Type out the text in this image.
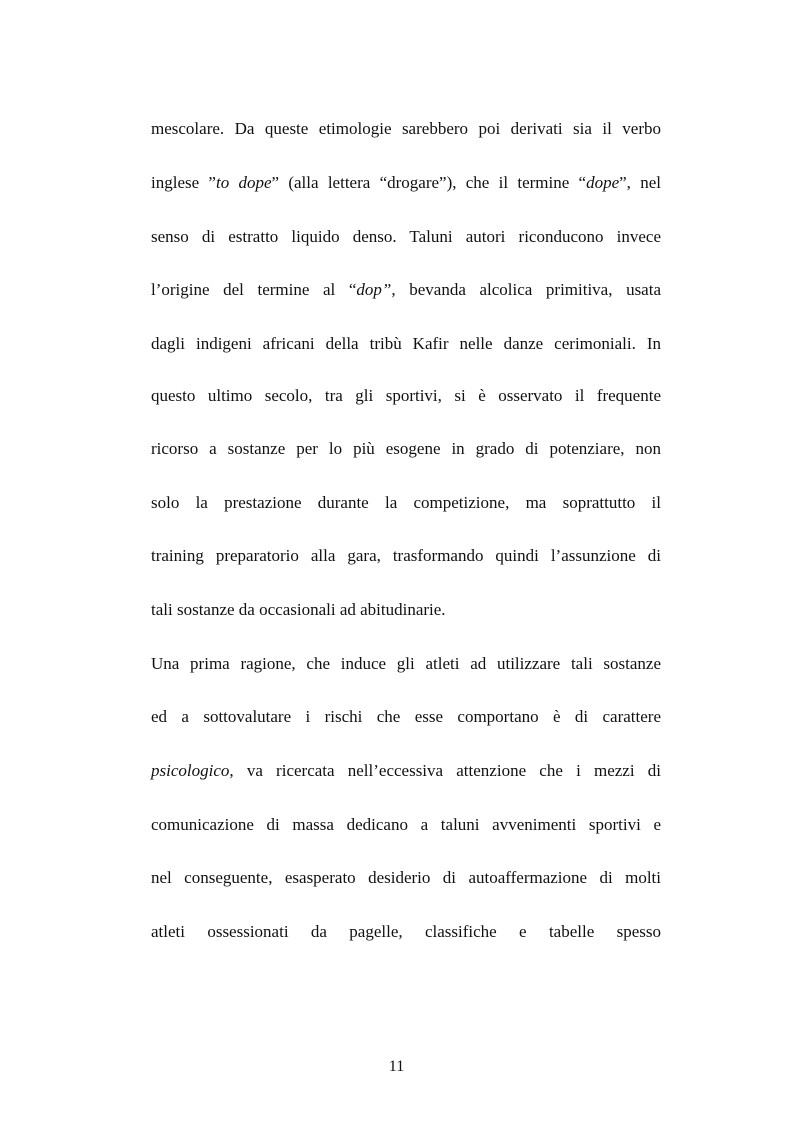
mescolare. Da queste etimologie sarebbero poi derivati sia il verbo
inglese ”to dope” (alla lettera “drogare”), che il termine “dope”, nel
senso di estratto liquido denso. Taluni autori riconducono invece
l’origine del termine al “dop”, bevanda alcolica primitiva, usata
dagli indigeni africani della tribù Kafir nelle danze cerimoniali. In
questo ultimo secolo, tra gli sportivi, si è osservato il frequente
ricorso a sostanze per lo più esogene in grado di potenziare, non
solo la prestazione durante la competizione, ma soprattutto il
training preparatorio alla gara, trasformando quindi l’assunzione di
tali sostanze da occasionali ad abitudinarie.
Una prima ragione, che induce gli atleti ad utilizzare tali sostanze
ed a sottovalutare i rischi che esse comportano è di carattere
psicologico, va ricercata nell’eccessiva attenzione che i mezzi di
comunicazione di massa dedicano a taluni avvenimenti sportivi e
nel conseguente, esasperato desiderio di autoaffermazione di molti
atleti ossessionati da pagelle, classifiche e tabelle spesso
11
